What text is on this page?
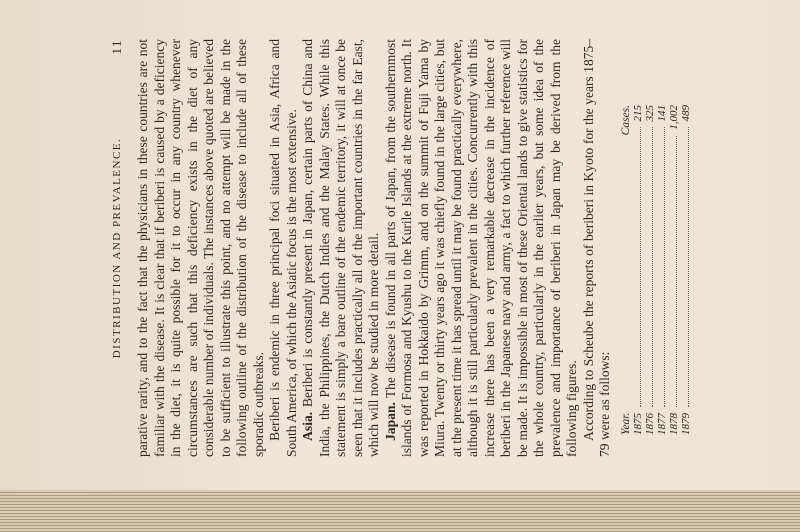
DISTRIBUTION AND PREVALENCE.
11 parative rarity, and to the fact that the physicians in these countries are not familiar with the disease. It is clear that if beriberi is caused by a deficiency in the diet, it is quite possible for it to occur in any country whenever circumstances are such that this deficiency exists in the diet of any considerable number of individuals. The instances above quoted are believed to be sufficient to illustrate this point, and no attempt will be made in the following outline of the distribution of the disease to include all of these sporadic outbreaks. Beriberi is endemic in three principal foci situated in Asia, Africa and South America, of which the Asiatic focus is the most extensive. Asia. Beriberi is constantly present in Japan, certain parts of China and India, the Philippines, the Dutch Indies and the Malay States. While this statement is simply a bare outline of the endemic territory, it will at once be seen that it includes practically all of the important countries in the far East, which will now be studied in more detail. Japan. The disease is found in all parts of Japan, from the southernmost islands of Formosa and Kyushu to the Kurile Islands at the extreme north. It was reported in Hokkaido by Grimm, and on the summit of Fuji Yama by Miura. Twenty or thirty years ago it was chiefly found in the large cities, but at the present time it has spread until it may be found practically everywhere, although it is still particularly prevalent in the cities. Concurrently with this increase there has been a very remarkable decrease in the incidence of beriberi in the Japanese navy and army, a fact to which further reference will be made. It is impossible in most of these Oriental lands to give statistics for the whole country, particularly in the earlier years, but some idea of the prevalence and importance of beriberi in Japan may be derived from the following figures. According to Scheube the reports of beriberi in Kyoto for the years 1875–79 were as follows: Year.
Cases.
1875
215
1876
325
1877
141
1878
1,002
1879
489
